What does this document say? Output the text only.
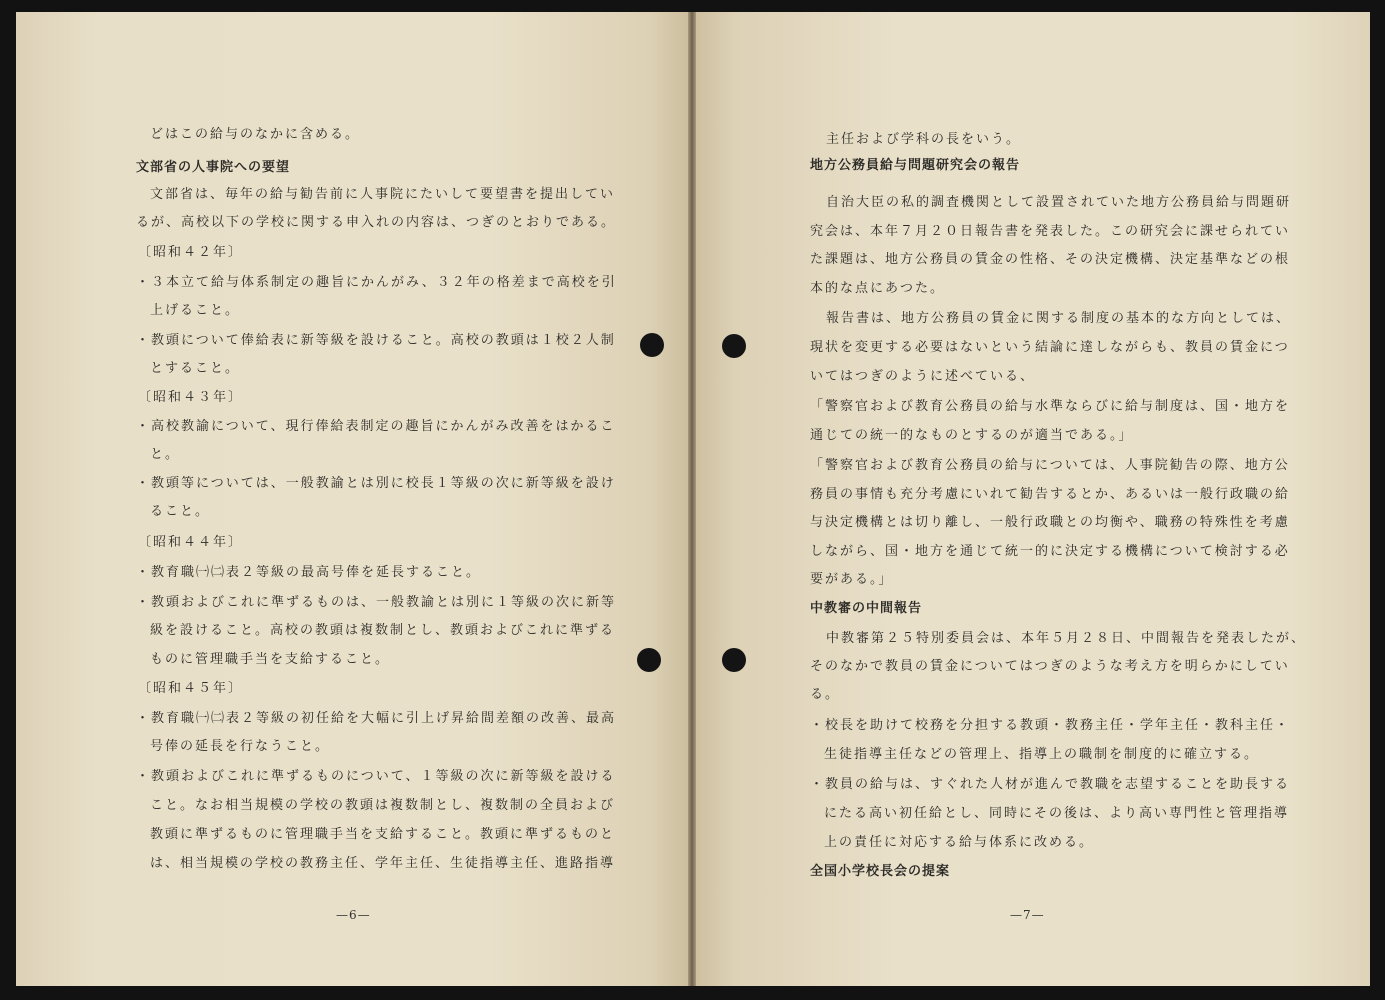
どはこの給与のなかに含める。
文部省の人事院への要望
文部省は、毎年の給与勧告前に人事院にたいして要望書を提出してい
るが、高校以下の学校に関する申入れの内容は、つぎのとおりである。
〔昭和４２年〕
・３本立て給与体系制定の趣旨にかんがみ、３２年の格差まで高校を引
上げること。
・教頭について俸給表に新等級を設けること。高校の教頭は１校２人制
とすること。
〔昭和４３年〕
・高校教諭について、現行俸給表制定の趣旨にかんがみ改善をはかるこ
と。
・教頭等については、一般教諭とは別に校長１等級の次に新等級を設け
ること。
〔昭和４４年〕
・教育職㈠㈡表２等級の最高号俸を延長すること。
・教頭およびこれに準ずるものは、一般教諭とは別に１等級の次に新等
級を設けること。高校の教頭は複数制とし、教頭およびこれに準ずる
ものに管理職手当を支給すること。
〔昭和４５年〕
・教育職㈠㈡表２等級の初任給を大幅に引上げ昇給間差額の改善、最高
号俸の延長を行なうこと。
・教頭およびこれに準ずるものについて、１等級の次に新等級を設ける
こと。なお相当規模の学校の教頭は複数制とし、複数制の全員および
教頭に準ずるものに管理職手当を支給すること。教頭に準ずるものと
は、相当規模の学校の教務主任、学年主任、生徒指導主任、進路指導
主任および学科の長をいう。
地方公務員給与問題研究会の報告
自治大臣の私的調査機関として設置されていた地方公務員給与問題研
究会は、本年７月２０日報告書を発表した。この研究会に課せられてい
た課題は、地方公務員の賃金の性格、その決定機構、決定基準などの根
本的な点にあつた。
報告書は、地方公務員の賃金に関する制度の基本的な方向としては、
現状を変更する必要はないという結論に達しながらも、教員の賃金につ
いてはつぎのように述べている、
「警察官および教育公務員の給与水準ならびに給与制度は、国・地方を
通じての統一的なものとするのが適当である。」
「警察官および教育公務員の給与については、人事院勧告の際、地方公
務員の事情も充分考慮にいれて勧告するとか、あるいは一般行政職の給
与決定機構とは切り離し、一般行政職との均衡や、職務の特殊性を考慮
しながら、国・地方を通じて統一的に決定する機構について検討する必
要がある。」
中教審の中間報告
中教審第２５特別委員会は、本年５月２８日、中間報告を発表したが、
そのなかで教員の賃金についてはつぎのような考え方を明らかにしてい
る。
・校長を助けて校務を分担する教頭・教務主任・学年主任・教科主任・
生徒指導主任などの管理上、指導上の職制を制度的に確立する。
・教員の給与は、すぐれた人材が進んで教職を志望することを助長する
にたる高い初任給とし、同時にその後は、より高い専門性と管理指導
上の責任に対応する給与体系に改める。
全国小学校長会の提案
—6—	—7—
